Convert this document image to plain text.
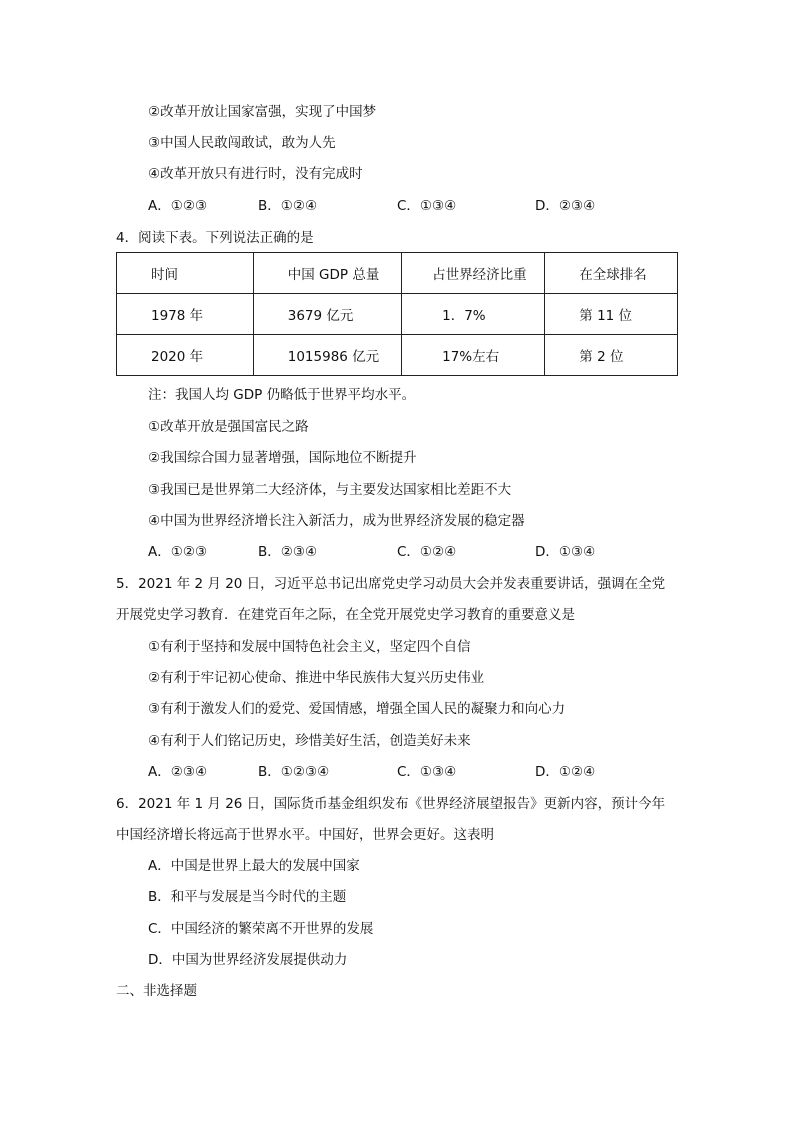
②改革开放让国家富强，实现了中国梦
③中国人民敢闯敢试，敢为人先
④改革开放只有进行时，没有完成时
A．①②③	B．①②④	C．①③④	D．②③④
4．阅读下表。下列说法正确的是
时间	中国 GDP 总量	占世界经济比重	在全球排名
1978 年	3679 亿元	1．7%	第 11 位
2020 年	1015986 亿元	17%左右	第 2 位
注：我国人均 GDP 仍略低于世界平均水平。
①改革开放是强国富民之路
②我国综合国力显著增强，国际地位不断提升
③我国已是世界第二大经济体，与主要发达国家相比差距不大
④中国为世界经济增长注入新活力，成为世界经济发展的稳定器
A．①②③	B．②③④	C．①②④	D．①③④
5．2021 年 2 月 20 日，习近平总书记出席党史学习动员大会并发表重要讲话，强调在全党
开展党史学习教育．在建党百年之际，在全党开展党史学习教育的重要意义是
①有利于坚持和发展中国特色社会主义，坚定四个自信
②有利于牢记初心使命、推进中华民族伟大复兴历史伟业
③有利于激发人们的爱党、爱国情感，增强全国人民的凝聚力和向心力
④有利于人们铭记历史，珍惜美好生活，创造美好未来
A．②③④	B．①②③④	C．①③④	D．①②④
6．2021 年 1 月 26 日，国际货币基金组织发布《世界经济展望报告》更新内容，预计今年
中国经济增长将远高于世界水平。中国好，世界会更好。这表明
A．中国是世界上最大的发展中国家
B．和平与发展是当今时代的主题
C．中国经济的繁荣离不开世界的发展
D．中国为世界经济发展提供动力
二、非选择题
